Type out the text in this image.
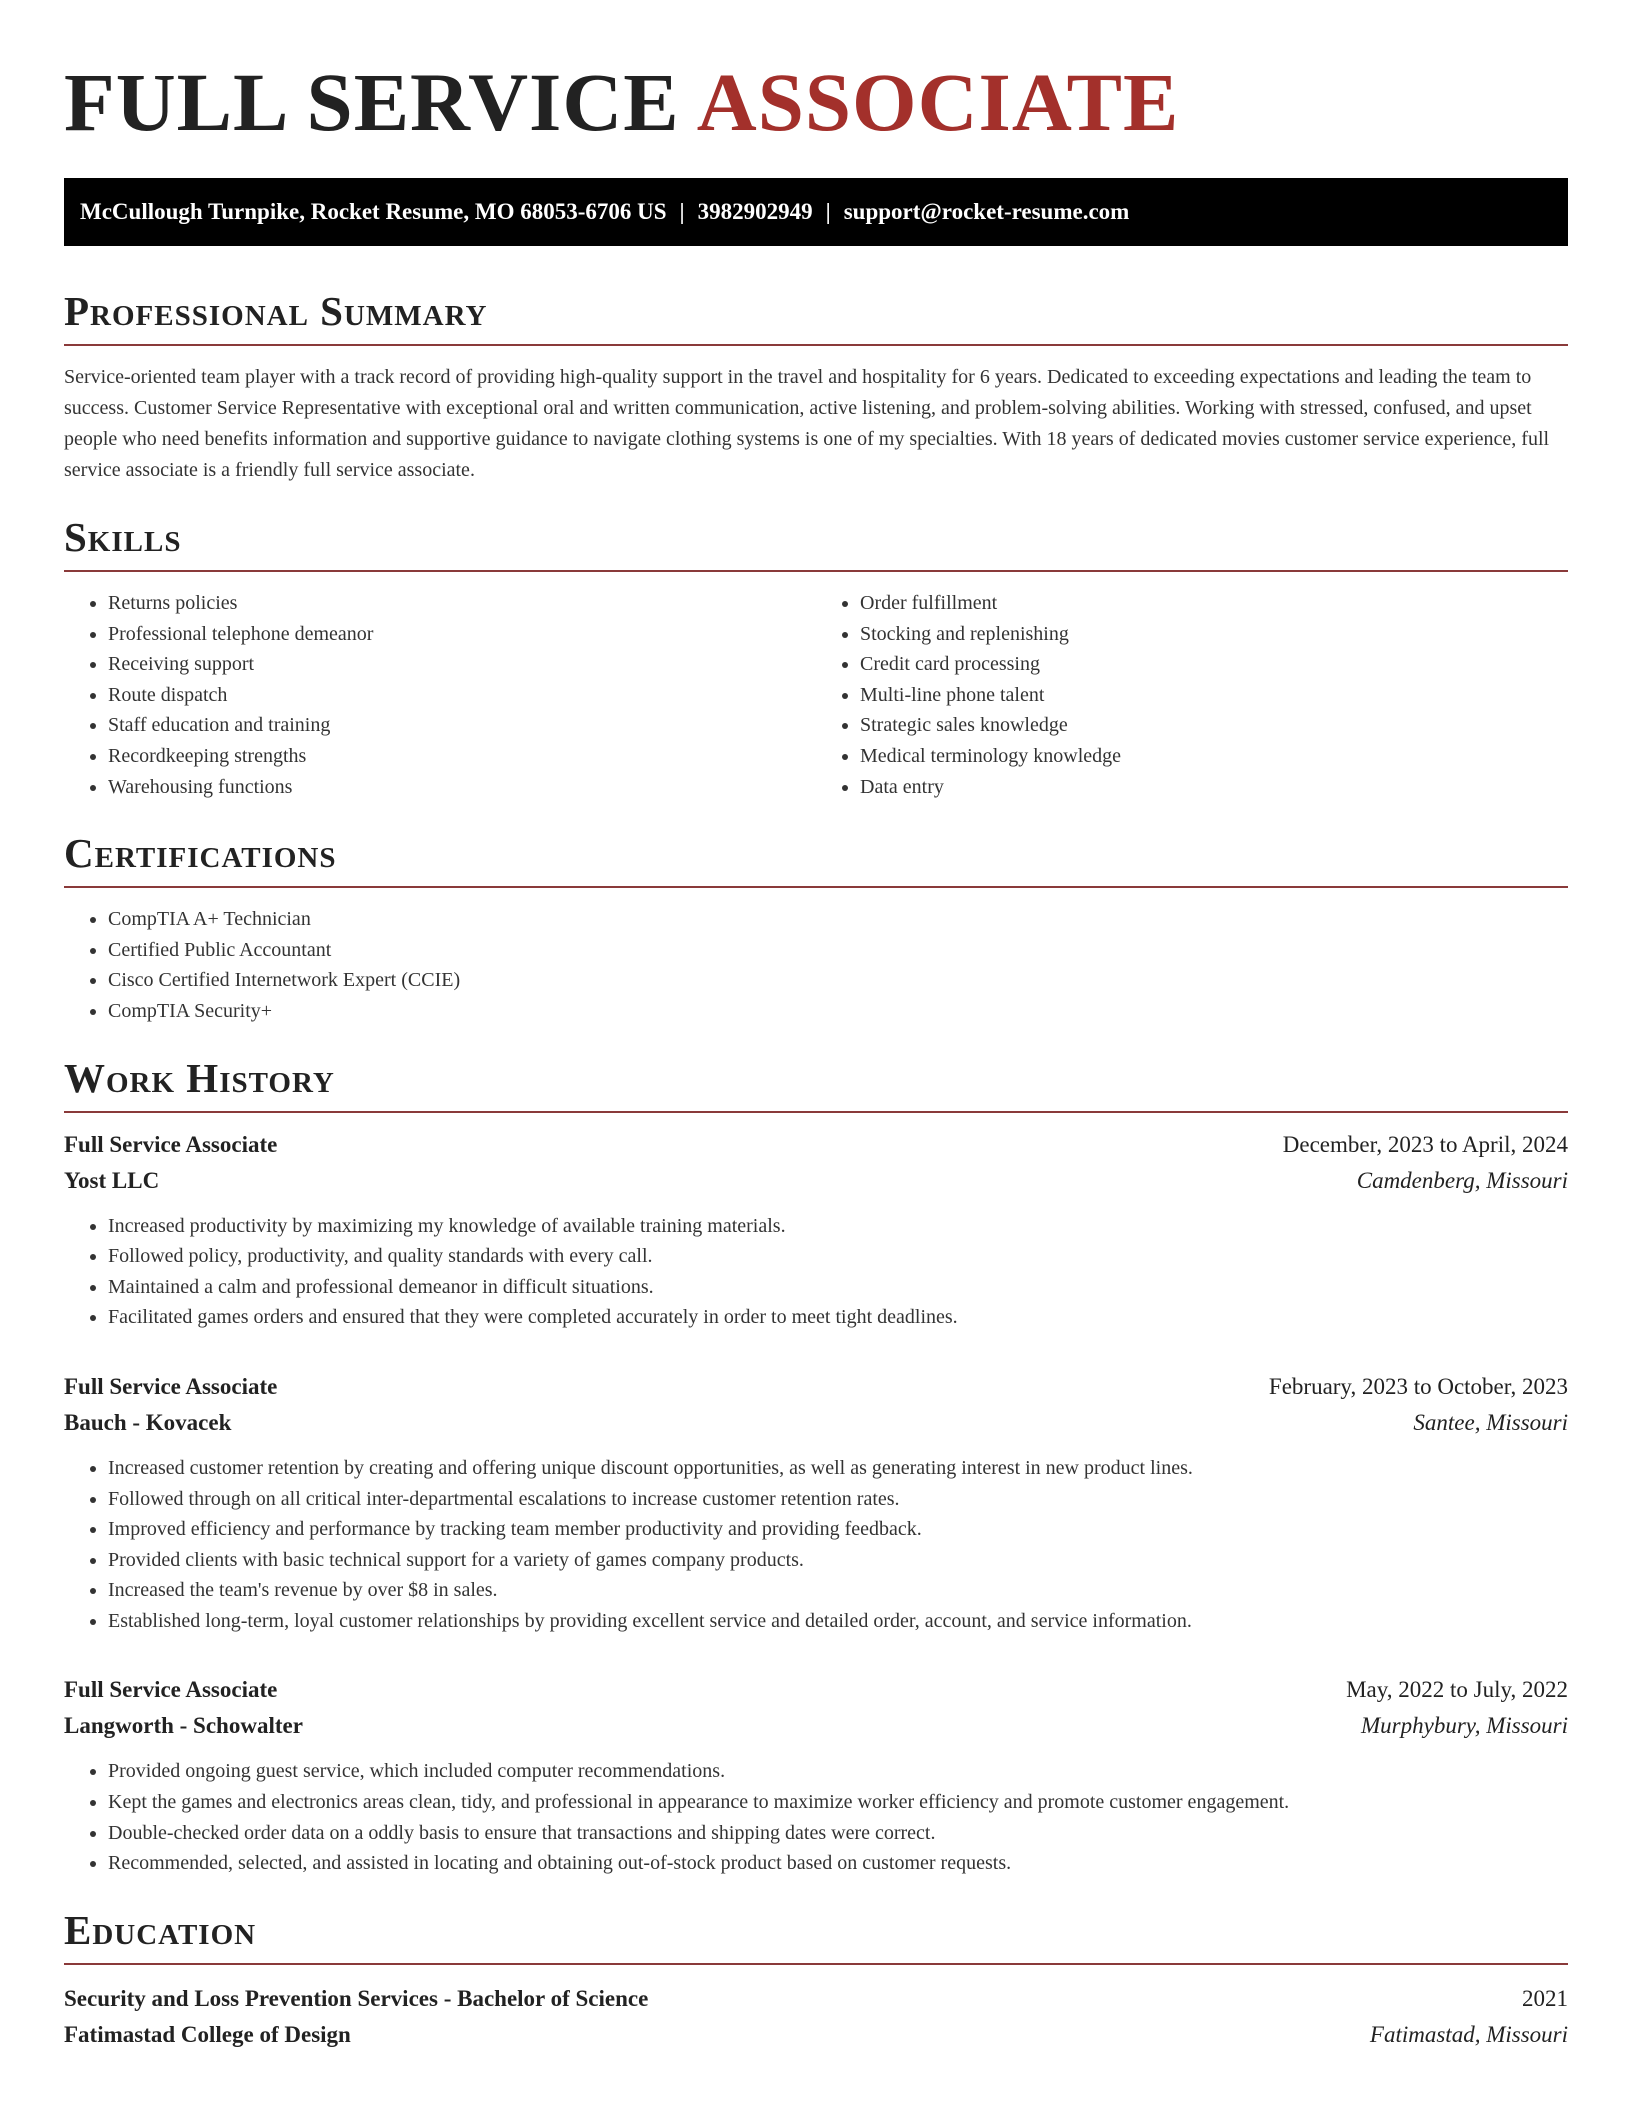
FULL SERVICE ASSOCIATE
McCullough Turnpike, Rocket Resume, MO 68053-6706 US | 3982902949 | support@rocket-resume.com
Professional Summary

Service-oriented team player with a track record of providing high-quality support in the travel and hospitality for 6 years. Dedicated to exceeding expectations and leading the team to success. Customer Service Representative with exceptional oral and written communication, active listening, and problem-solving abilities. Working with stressed, confused, and upset people who need benefits information and supportive guidance to navigate clothing systems is one of my specialties. With 18 years of dedicated movies customer service experience, full service associate is a friendly full service associate.

Skills
• Returns policies
• Professional telephone demeanor
• Receiving support
• Route dispatch
• Staff education and training
• Recordkeeping strengths
• Warehousing functions
• Order fulfillment
• Stocking and replenishing
• Credit card processing
• Multi-line phone talent
• Strategic sales knowledge
• Medical terminology knowledge
• Data entry
Certifications
• CompTIA A+ Technician
• Certified Public Accountant
• Cisco Certified Internetwork Expert (CCIE)
• CompTIA Security+
Work History
Full Service Associate	December, 2023 to April, 2024
Yost LLC	Camdenberg, Missouri
• Increased productivity by maximizing my knowledge of available training materials.
• Followed policy, productivity, and quality standards with every call.
• Maintained a calm and professional demeanor in difficult situations.
• Facilitated games orders and ensured that they were completed accurately in order to meet tight deadlines.
Full Service Associate	February, 2023 to October, 2023
Bauch - Kovacek	Santee, Missouri
• Increased customer retention by creating and offering unique discount opportunities, as well as generating interest in new product lines.
• Followed through on all critical inter-departmental escalations to increase customer retention rates.
• Improved efficiency and performance by tracking team member productivity and providing feedback.
• Provided clients with basic technical support for a variety of games company products.
• Increased the team's revenue by over $8 in sales.
• Established long-term, loyal customer relationships by providing excellent service and detailed order, account, and service information.
Full Service Associate	May, 2022 to July, 2022
Langworth - Schowalter	Murphybury, Missouri
• Provided ongoing guest service, which included computer recommendations.
• Kept the games and electronics areas clean, tidy, and professional in appearance to maximize worker efficiency and promote customer engagement.
• Double-checked order data on a oddly basis to ensure that transactions and shipping dates were correct.
• Recommended, selected, and assisted in locating and obtaining out-of-stock product based on customer requests.
Education
Security and Loss Prevention Services - Bachelor of Science	2021
Fatimastad College of Design	Fatimastad, Missouri
